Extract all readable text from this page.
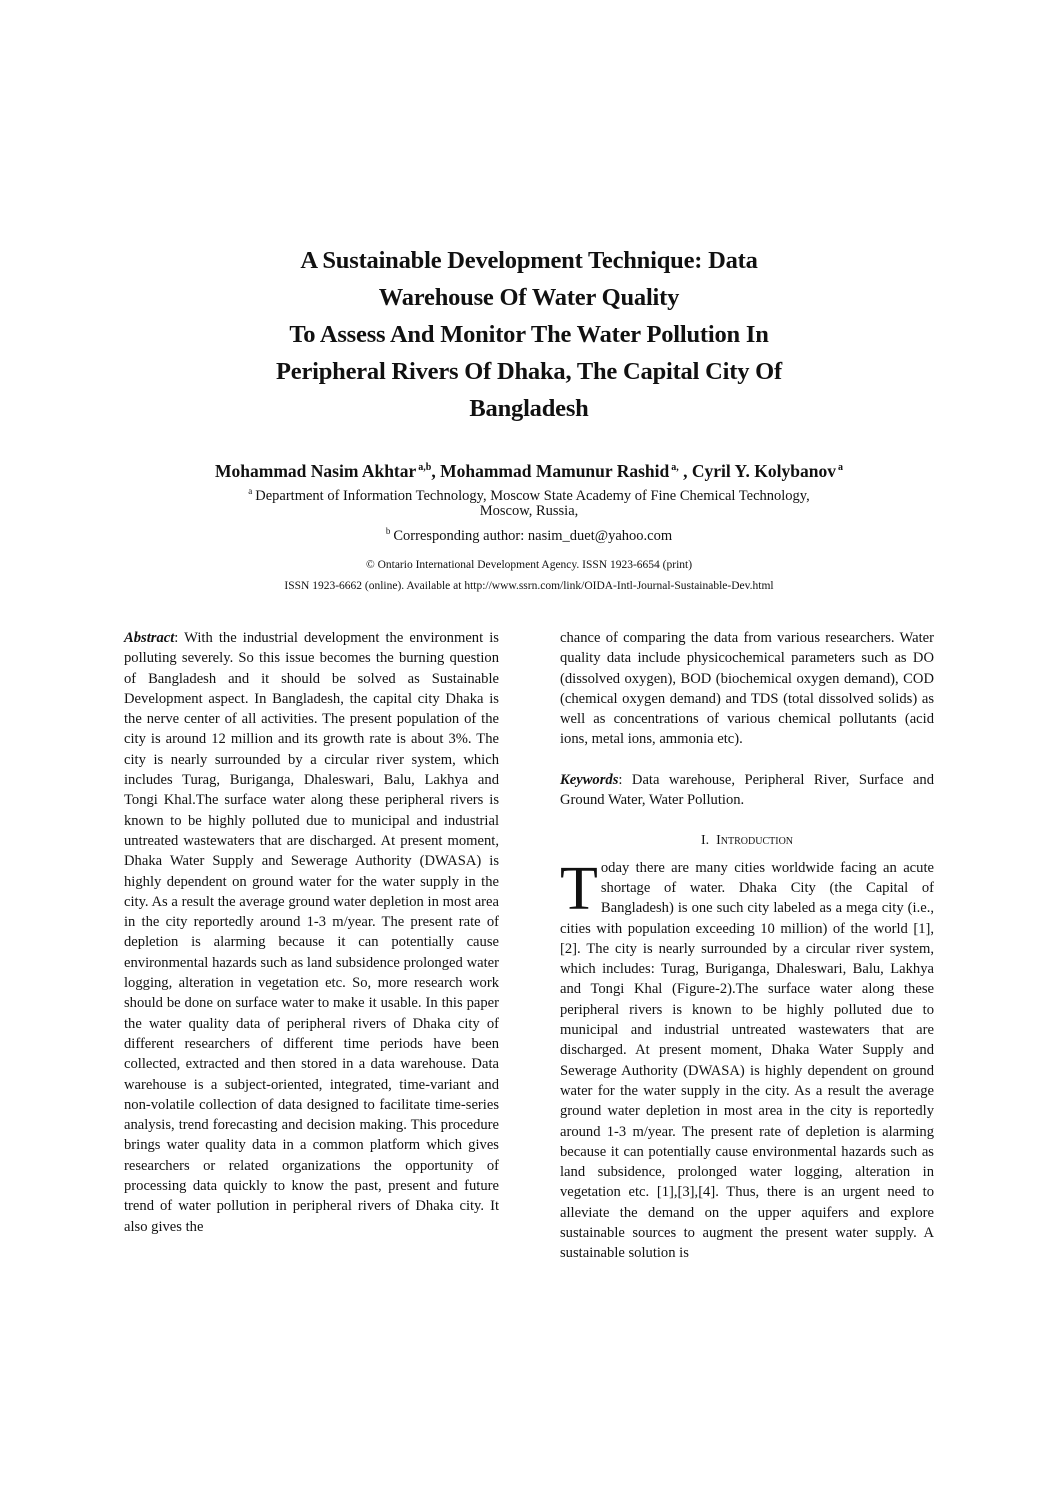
A Sustainable Development Technique: Data
Warehouse Of Water Quality
To Assess And Monitor The Water Pollution In
Peripheral Rivers Of Dhaka, The Capital City Of
Bangladesh
Mohammad Nasim Akhtar $^{a,b}$, Mohammad Mamunur Rashid $^{a,}$ , Cyril Y. Kolybanov $^a$
$^a$ Department of Information Technology, Moscow State Academy of Fine Chemical Technology,
Moscow, Russia,
$^b$ Corresponding author: nasim_duet@yahoo.com
© Ontario International Development Agency. ISSN 1923-6654 (print)
ISSN 1923-6662 (online). Available at http://www.ssrn.com/link/OIDA-Intl-Journal-Sustainable-Dev.html

Abstract: With the industrial development the environment is polluting severely. So this issue becomes the burning question of Bangladesh and it should be solved as Sustainable Development aspect. In Bangladesh, the capital city Dhaka is the nerve center of all activities. The present population of the city is around 12 million and its growth rate is about 3%. The city is nearly surrounded by a circular river system, which includes Turag, Buriganga, Dhaleswari, Balu, Lakhya and Tongi Khal.The surface water along these peripheral rivers is known to be highly polluted due to municipal and industrial untreated wastewaters that are discharged. At present moment, Dhaka Water Supply and Sewerage Authority (DWASA) is highly dependent on ground water for the water supply in the city. As a result the average ground water depletion in most area in the city reportedly around 1-3 m/year. The present rate of depletion is alarming because it can potentially cause environmental hazards such as land subsidence prolonged water logging, alteration in vegetation etc. So, more research work should be done on surface water to make it usable. In this paper the water quality data of peripheral rivers of Dhaka city of different researchers of different time periods have been collected, extracted and then stored in a data warehouse. Data warehouse is a subject-oriented, integrated, time-variant and non-volatile collection of data designed to facilitate time-series analysis, trend forecasting and decision making. This procedure brings water quality data in a common platform which gives researchers or related organizations the opportunity of processing data quickly to know the past, present and future trend of water pollution in peripheral rivers of Dhaka city. It also gives the

chance of comparing the data from various researchers. Water quality data include physicochemical parameters such as DO (dissolved oxygen), BOD (biochemical oxygen demand), COD (chemical oxygen demand) and TDS (total dissolved solids) as well as concentrations of various chemical pollutants (acid ions, metal ions, ammonia etc).

Keywords: Data warehouse, Peripheral River, Surface and Ground Water, Water Pollution.

I. Introduction

Today there are many cities worldwide facing an acute shortage of water. Dhaka City (the Capital of Bangladesh) is one such city labeled as a mega city (i.e., cities with population exceeding 10 million) of the world [1],[2]. The city is nearly surrounded by a circular river system, which includes: Turag, Buriganga, Dhaleswari, Balu, Lakhya and Tongi Khal (Figure-2).The surface water along these peripheral rivers is known to be highly polluted due to municipal and industrial untreated wastewaters that are discharged. At present moment, Dhaka Water Supply and Sewerage Authority (DWASA) is highly dependent on ground water for the water supply in the city. As a result the average ground water depletion in most area in the city is reportedly around 1-3 m/year. The present rate of depletion is alarming because it can potentially cause environmental hazards such as land subsidence, prolonged water logging, alteration in vegetation etc. [1],[3],[4]. Thus, there is an urgent need to alleviate the demand on the upper aquifers and explore sustainable sources to augment the present water supply. A sustainable solution is
